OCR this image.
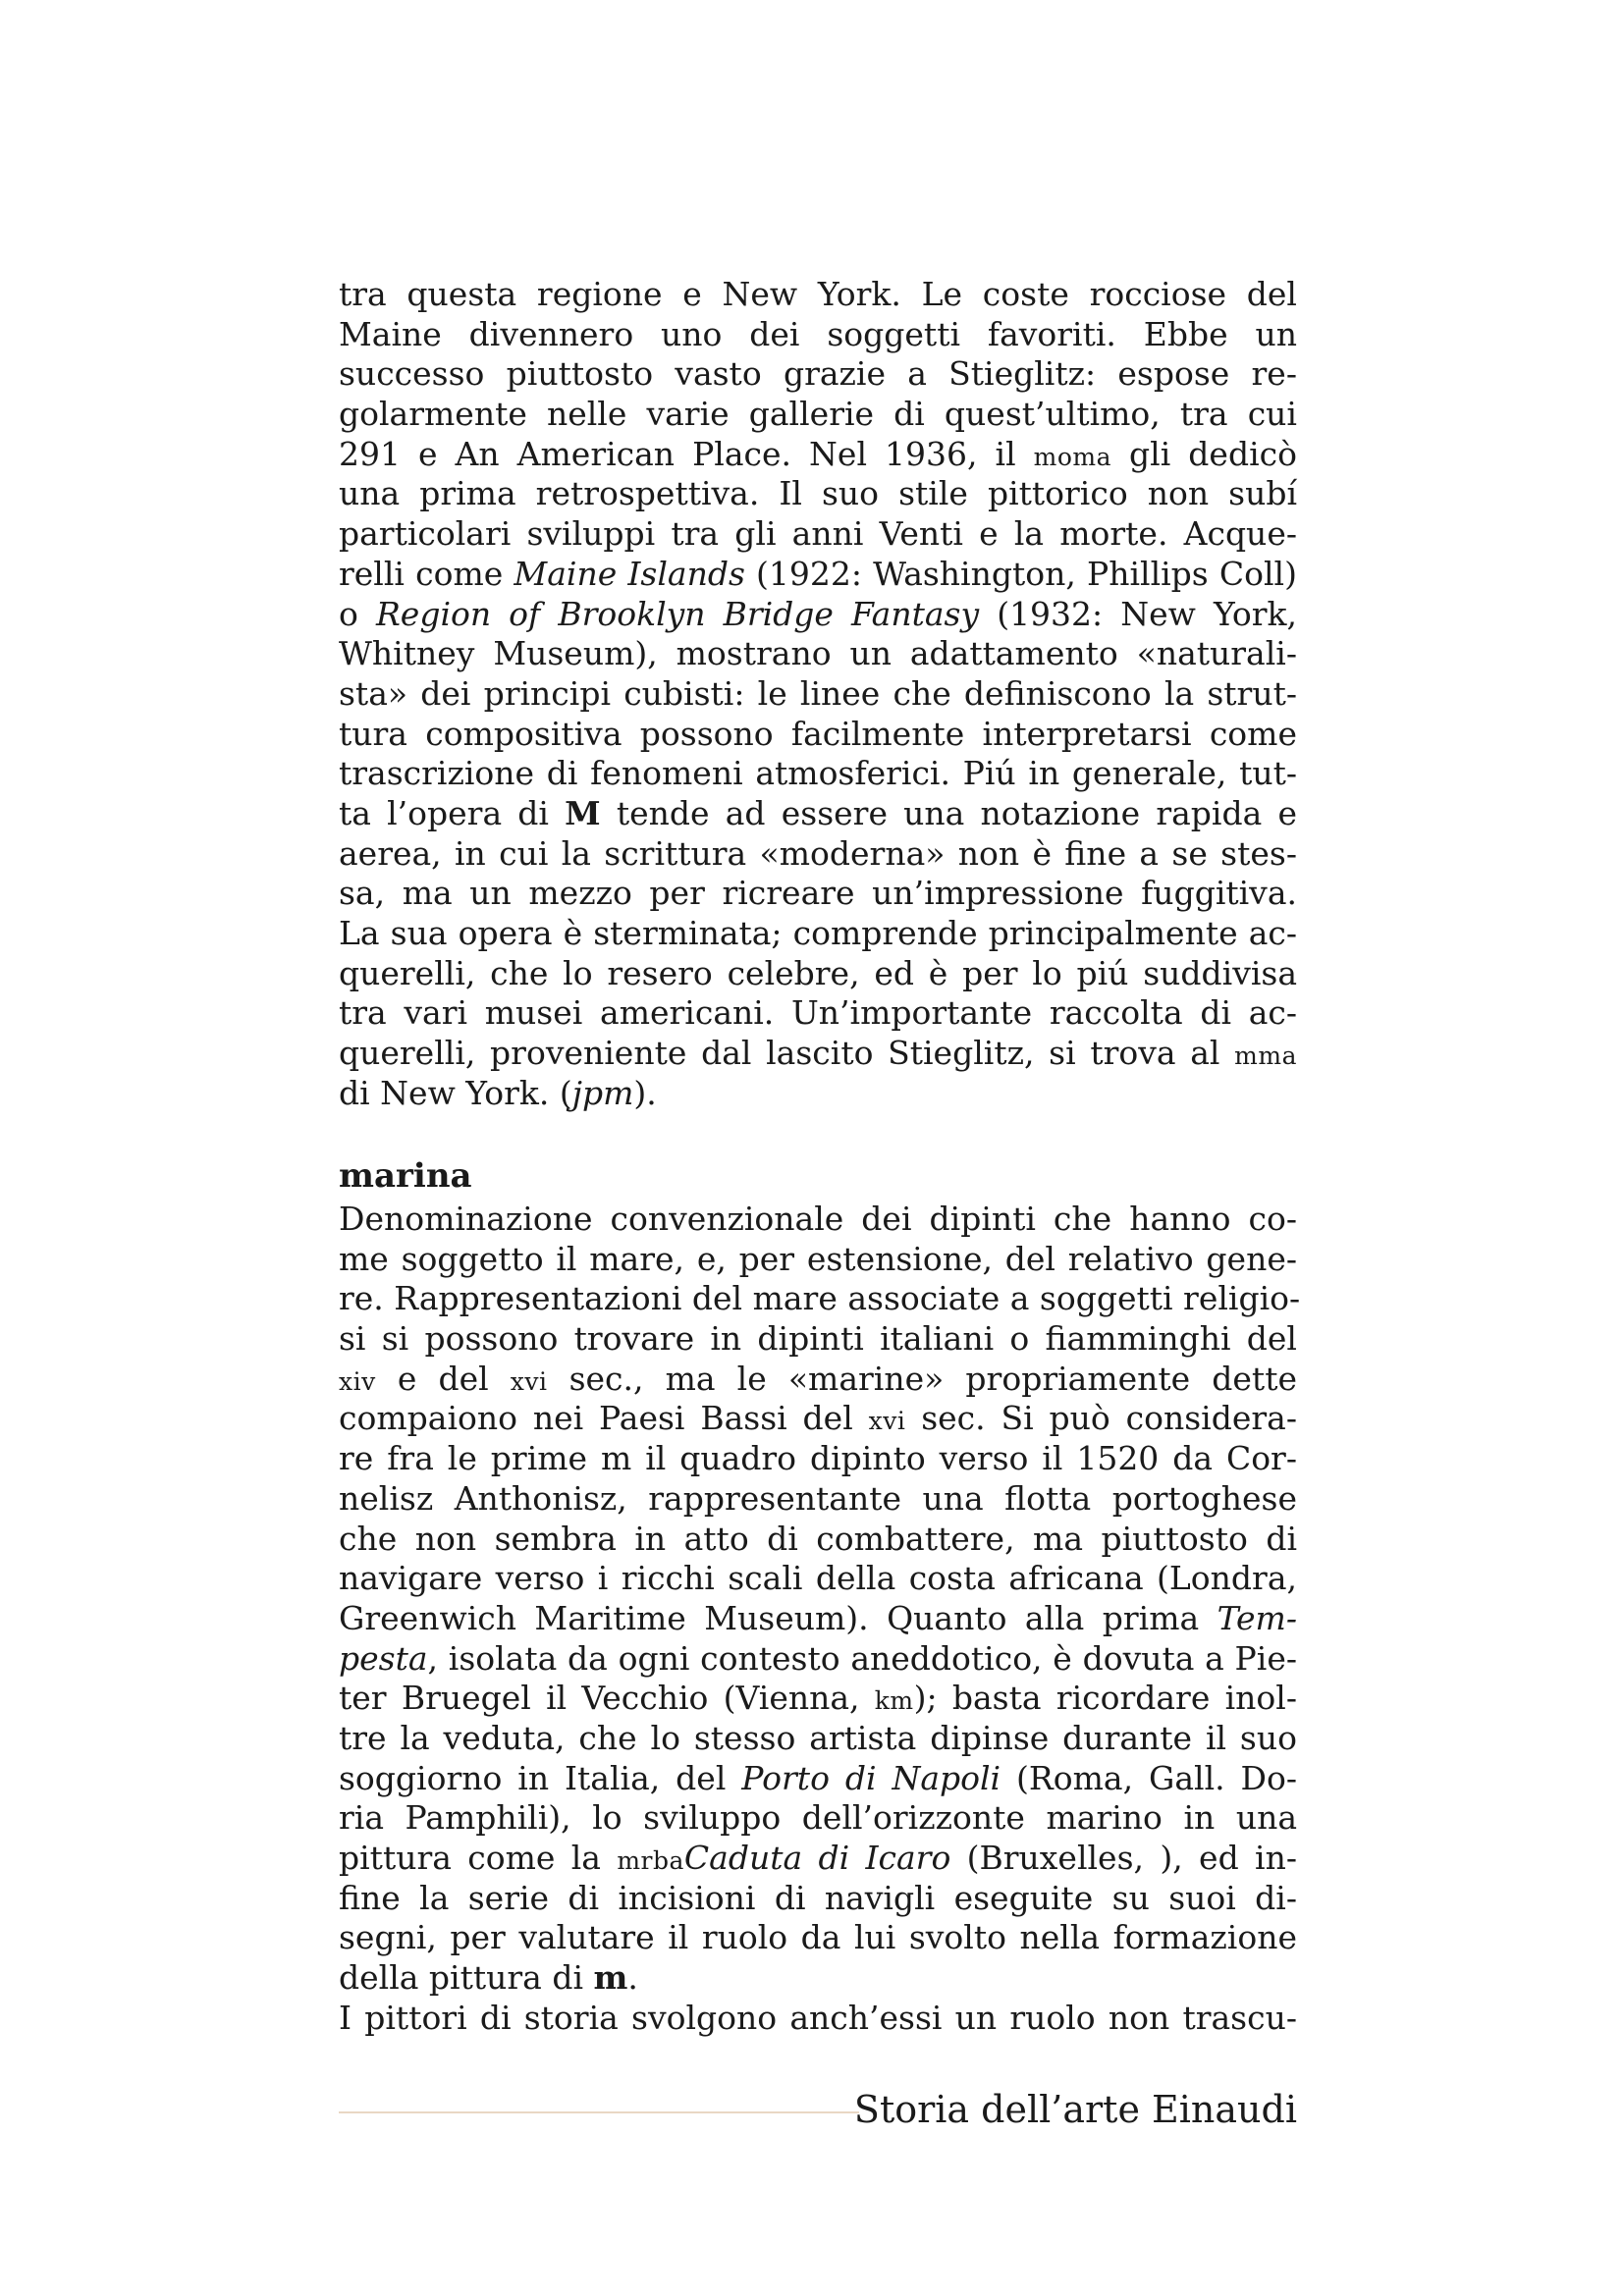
tra questa regione e New York. Le coste rocciose del
Maine divennero uno dei soggetti favoriti. Ebbe un
successo piuttosto vasto grazie a Stieglitz: espose re-
golarmente nelle varie gallerie di quest’ultimo, tra cui
291 e An American Place. Nel 1936, il moma gli dedicò
una prima retrospettiva. Il suo stile pittorico non subí
particolari sviluppi tra gli anni Venti e la morte. Acque-
relli come Maine Islands (1922: Washington, Phillips Coll)
o Region of Brooklyn Bridge Fantasy (1932: New York,
Whitney Museum), mostrano un adattamento «naturali-
sta» dei principi cubisti: le linee che definiscono la strut-
tura compositiva possono facilmente interpretarsi come
trascrizione di fenomeni atmosferici. Piú in generale, tut-
ta l’opera di M tende ad essere una notazione rapida e
aerea, in cui la scrittura «moderna» non è fine a se stes-
sa, ma un mezzo per ricreare un’impressione fuggitiva.
La sua opera è sterminata; comprende principalmente ac-
querelli, che lo resero celebre, ed è per lo piú suddivisa
tra vari musei americani. Un’importante raccolta di ac-
querelli, proveniente dal lascito Stieglitz, si trova al mma
di New York. (jpm).
marina
Denominazione convenzionale dei dipinti che hanno co-
me soggetto il mare, e, per estensione, del relativo gene-
re. Rappresentazioni del mare associate a soggetti religio-
si si possono trovare in dipinti italiani o fiamminghi del
xiv e del xvi sec., ma le «marine» propriamente dette
compaiono nei Paesi Bassi del xvi sec. Si può considera-
re fra le prime m il quadro dipinto verso il 1520 da Cor-
nelisz Anthonisz, rappresentante una flotta portoghese
che non sembra in atto di combattere, ma piuttosto di
navigare verso i ricchi scali della costa africana (Londra,
Greenwich Maritime Museum). Quanto alla prima Tem-
pesta, isolata da ogni contesto aneddotico, è dovuta a Pie-
ter Bruegel il Vecchio (Vienna, km); basta ricordare inol-
tre la veduta, che lo stesso artista dipinse durante il suo
soggiorno in Italia, del Porto di Napoli (Roma, Gall. Do-
ria Pamphili), lo sviluppo dell’orizzonte marino in una
pittura come la mrbaCaduta di Icaro (Bruxelles, ), ed in-
fine la serie di incisioni di navigli eseguite su suoi di-
segni, per valutare il ruolo da lui svolto nella formazione
della pittura di m.
I pittori di storia svolgono anch’essi un ruolo non trascu-
Storia dell’arte Einaudi
